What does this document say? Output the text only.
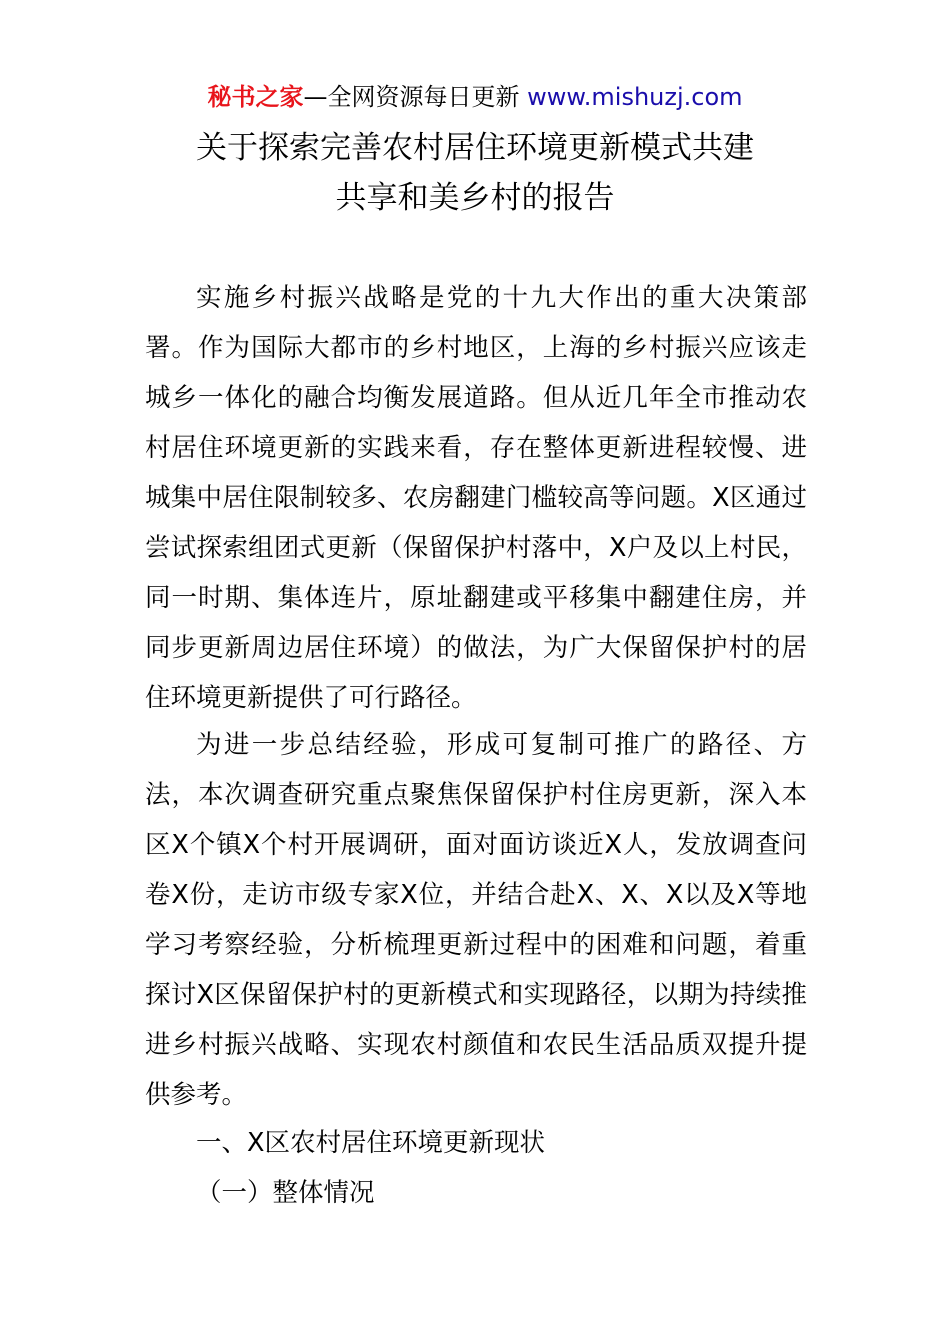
秘书之家—全网资源每日更新 www.mishuzj.com
关于探索完善农村居住环境更新模式共建
共享和美乡村的报告

实施乡村振兴战略是党的十九大作出的重大决策部署。作为国际大都市的乡村地区，上海的乡村振兴应该走城乡一体化的融合均衡发展道路。但从近几年全市推动农村居住环境更新的实践来看，存在整体更新进程较慢、进城集中居住限制较多、农房翻建门槛较高等问题。X区通过尝试探索组团式更新（保留保护村落中，X户及以上村民，同一时期、集体连片，原址翻建或平移集中翻建住房，并同步更新周边居住环境）的做法，为广大保留保护村的居住环境更新提供了可行路径。

为进一步总结经验，形成可复制可推广的路径、方法，本次调查研究重点聚焦保留保护村住房更新，深入本区X个镇X个村开展调研，面对面访谈近X人，发放调查问卷X份，走访市级专家X位，并结合赴X、X、X以及X等地学习考察经验，分析梳理更新过程中的困难和问题，着重探讨X区保留保护村的更新模式和实现路径，以期为持续推进乡村振兴战略、实现农村颜值和农民生活品质双提升提供参考。

一、X区农村居住环境更新现状
（一）整体情况
